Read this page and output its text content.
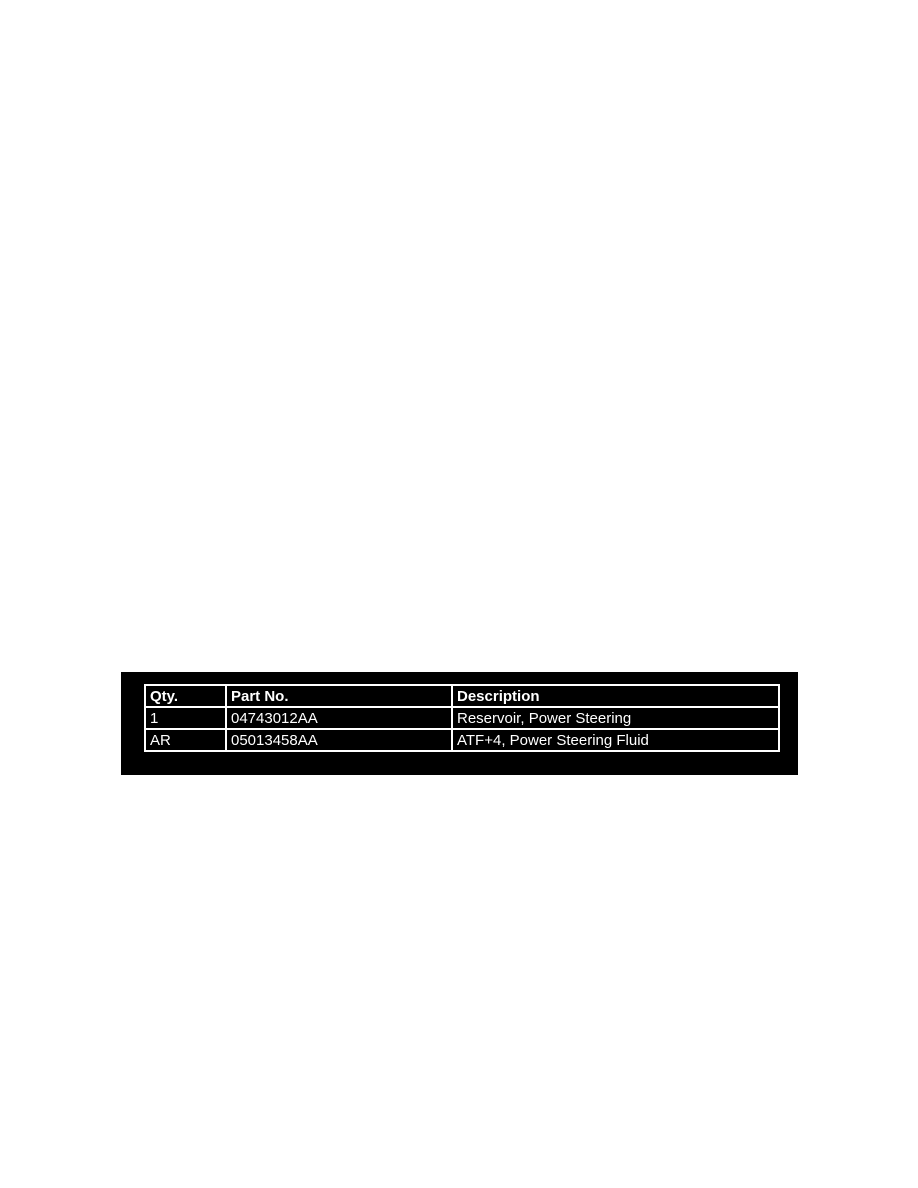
Qty.	Part No.	Description
1	04743012AA	Reservoir, Power Steering
AR	05013458AA	ATF+4, Power Steering Fluid
